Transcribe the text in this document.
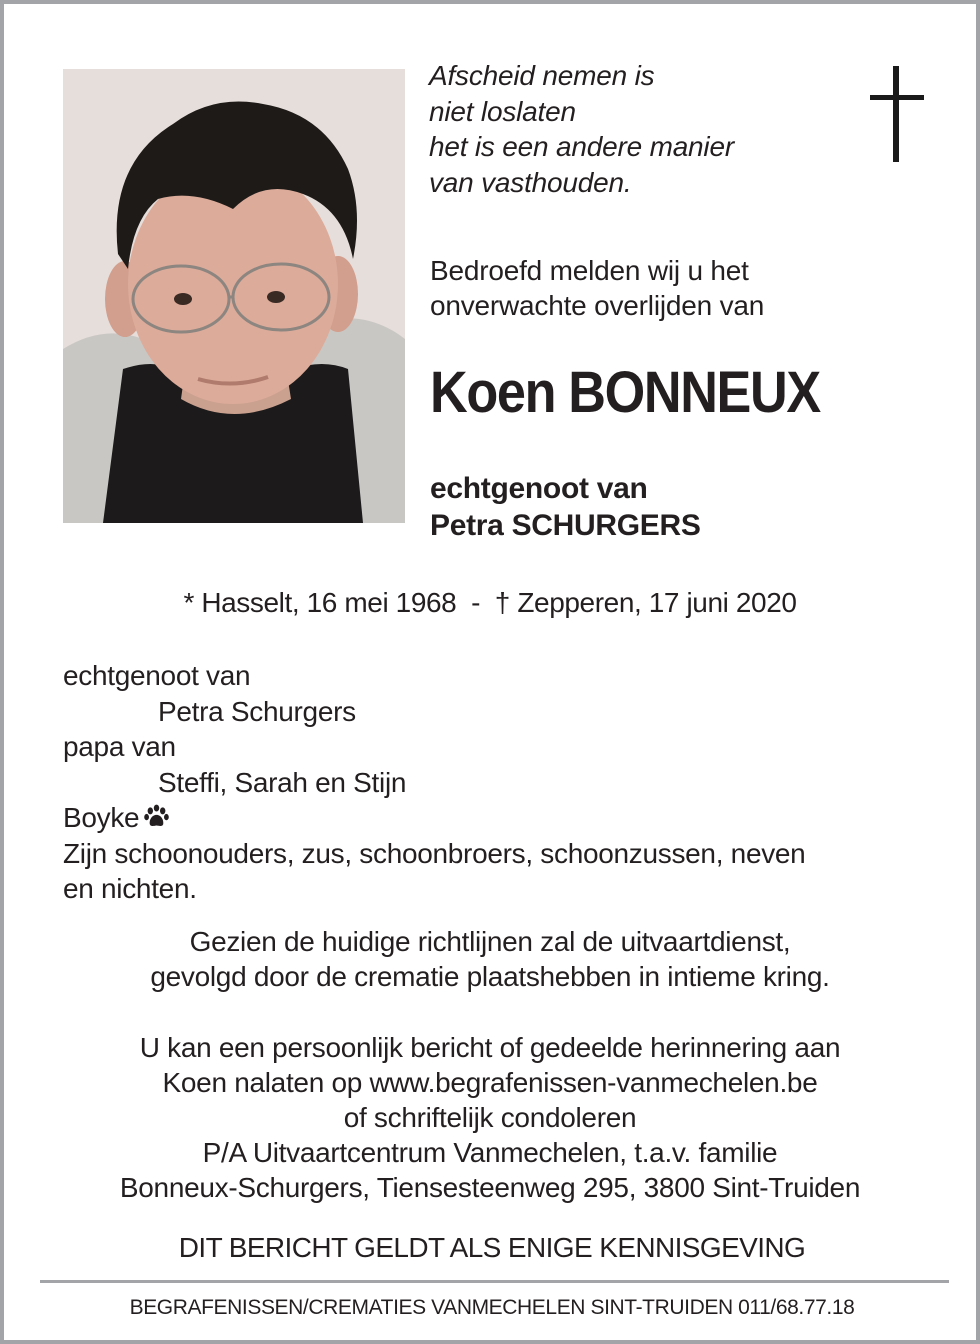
Afscheid nemen is
niet loslaten
het is een andere manier
van vasthouden.
Bedroefd melden wij u het
onverwachte overlijden van
Koen BONNEUX
echtgenoot van
Petra SCHURGERS
* Hasselt, 16 mei 1968  -  † Zepperen, 17 juni 2020
echtgenoot van
Petra Schurgers
papa van
Steffi, Sarah en Stijn
Boyke
Zijn schoonouders, zus, schoonbroers, schoonzussen, neven
en nichten.
Gezien de huidige richtlijnen zal de uitvaartdienst,
gevolgd door de crematie plaatshebben in intieme kring.
U kan een persoonlijk bericht of gedeelde herinnering aan
Koen nalaten op www.begrafenissen-vanmechelen.be
of schriftelijk condoleren
P/A Uitvaartcentrum Vanmechelen, t.a.v. familie
Bonneux-Schurgers, Tiensesteenweg 295, 3800 Sint-Truiden
DIT BERICHT GELDT ALS ENIGE KENNISGEVING
BEGRAFENISSEN/CREMATIES VANMECHELEN SINT-TRUIDEN 011/68.77.18
